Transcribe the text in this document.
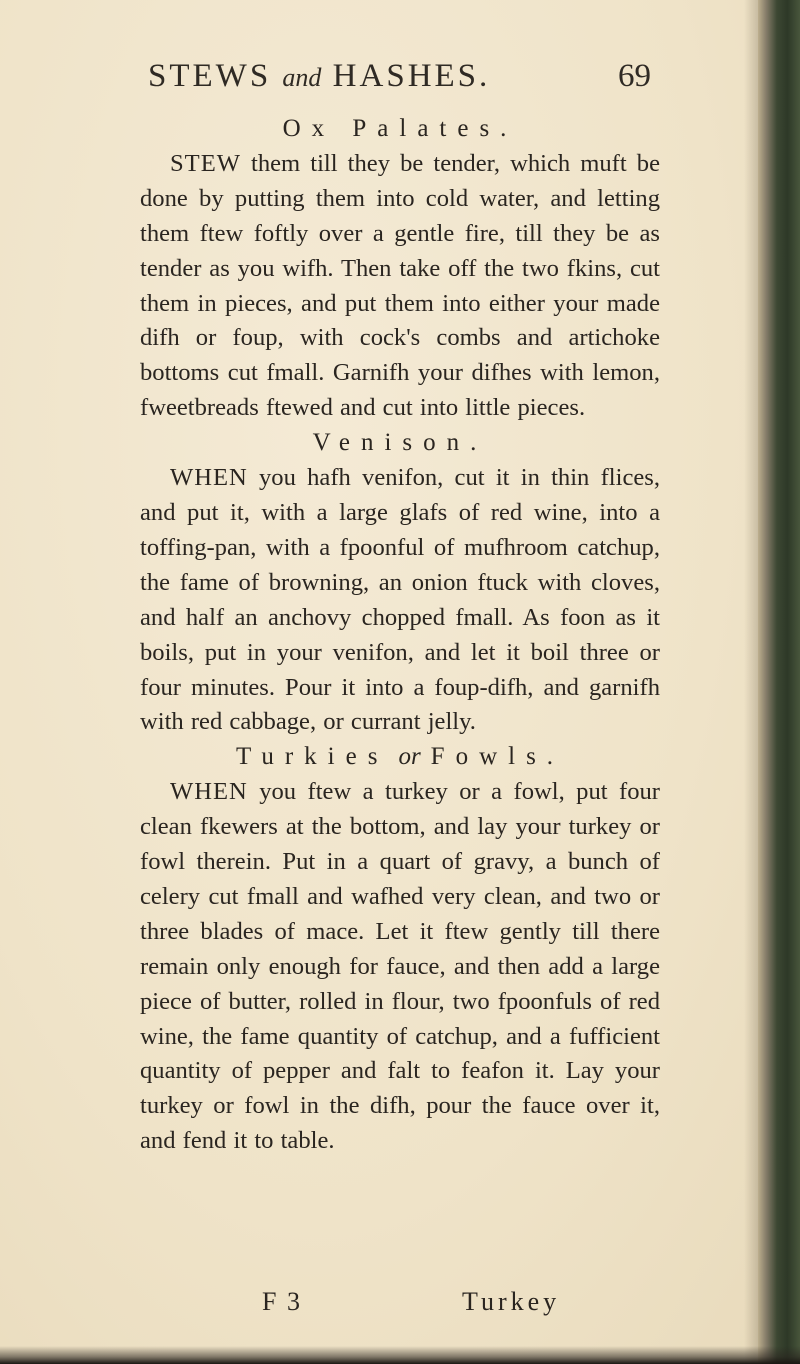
STEWS and HASHES.	69
Ox Palates.

STEW them till they be tender, which muft be done by putting them into cold water, and letting them ftew foftly over a gentle fire, till they be as tender as you wifh. Then take off the two fkins, cut them in pieces, and put them into either your made difh or foup, with cock's combs and artichoke bottoms cut fmall. Garnifh your difhes with lemon, fweetbreads ftewed and cut into little pieces.

Venison.

WHEN you hafh venifon, cut it in thin flices, and put it, with a large glafs of red wine, into a toffing-pan, with a fpoonful of mufhroom catchup, the fame of browning, an onion ftuck with cloves, and half an anchovy chopped fmall. As foon as it boils, put in your venifon, and let it boil three or four minutes. Pour it into a foup-difh, and garnifh with red cabbage, or currant jelly.

Turkies or Fowls.

WHEN you ftew a turkey or a fowl, put four clean fkewers at the bottom, and lay your turkey or fowl therein. Put in a quart of gravy, a bunch of celery cut fmall and wafhed very clean, and two or three blades of mace. Let it ftew gently till there remain only enough for fauce, and then add a large piece of butter, rolled in flour, two fpoonfuls of red wine, the fame quantity of catchup, and a fufficient quantity of pepper and falt to feafon it. Lay your turkey or fowl in the difh, pour the fauce over it, and fend it to table.

F 3	Turkey
